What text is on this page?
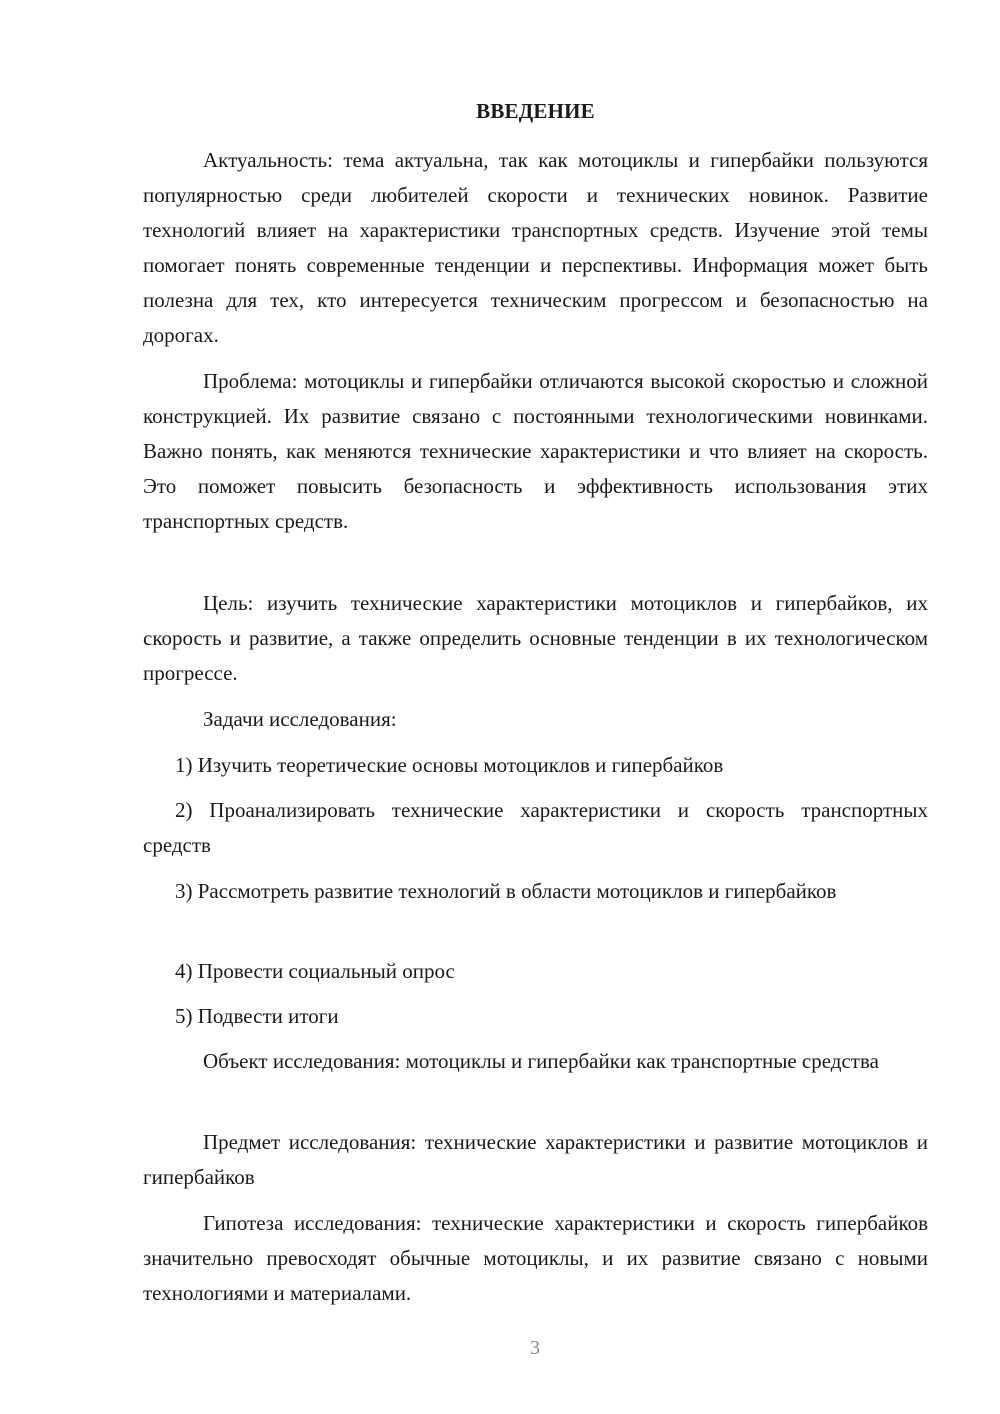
ВВЕДЕНИЕ

Актуальность: тема актуальна, так как мотоциклы и гипербайки пользуются популярностью среди любителей скорости и технических новинок. Развитие технологий влияет на характеристики транспортных средств. Изучение этой темы помогает понять современные тенденции и перспективы. Информация может быть полезна для тех, кто интересуется техническим прогрессом и безопасностью на дорогах.

Проблема: мотоциклы и гипербайки отличаются высокой скоростью и сложной конструкцией. Их развитие связано с постоянными технологическими новинками. Важно понять, как меняются технические характеристики и что влияет на скорость. Это поможет повысить безопасность и эффективность использования этих транспортных средств.

Цель: изучить технические характеристики мотоциклов и гипербайков, их скорость и развитие, а также определить основные тенденции в их технологическом прогрессе.

Задачи исследования:

1) Изучить теоретические основы мотоциклов и гипербайков

2) Проанализировать технические характеристики и скорость транспортных средств

3) Рассмотреть развитие технологий в области мотоциклов и гипербайков

4) Провести социальный опрос

5) Подвести итоги

Объект исследования: мотоциклы и гипербайки как транспортные средства

Предмет исследования: технические характеристики и развитие мотоциклов и гипербайков

Гипотеза исследования: технические характеристики и скорость гипербайков значительно превосходят обычные мотоциклы, и их развитие связано с новыми технологиями и материалами.

3
